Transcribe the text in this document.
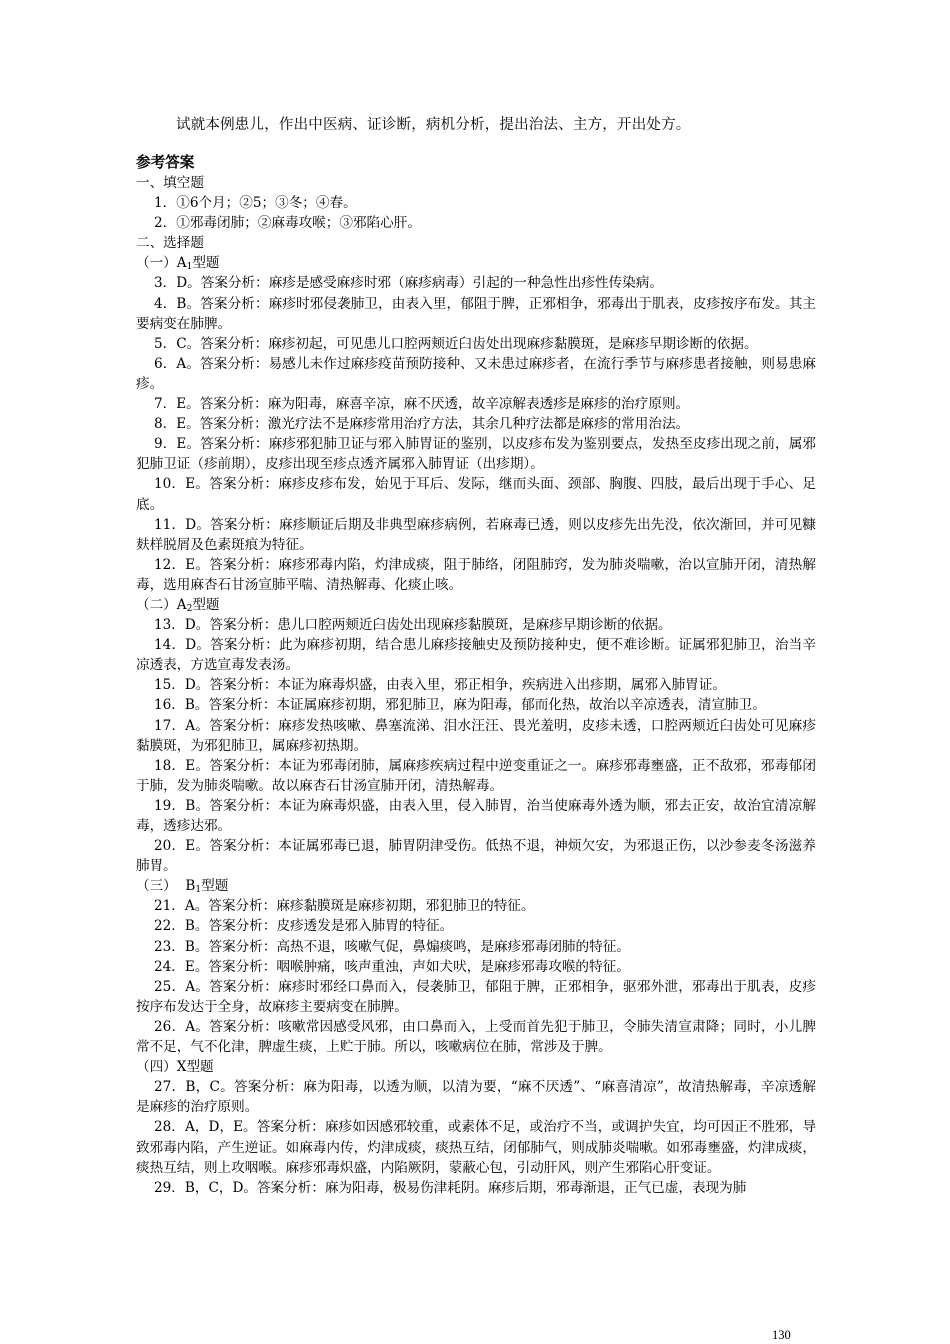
试就本例患儿，作出中医病、证诊断，病机分析，提出治法、主方，开出处方。

参考答案

一、填空题

1．①6个月；②5；③冬；④春。

2．①邪毒闭肺；②麻毒攻喉；③邪陷心肝。

二、选择题

（一）$A_1$型题

3．D。答案分析：麻疹是感受麻疹时邪（麻疹病毒）引起的一种急性出疹性传染病。

4．B。答案分析：麻疹时邪侵袭肺卫，由表入里，郁阻于脾，正邪相争，邪毒出于肌表，皮疹按序布发。其主要病变在肺脾。

5．C。答案分析：麻疹初起，可见患儿口腔两颊近臼齿处出现麻疹黏膜斑，是麻疹早期诊断的依据。

6．A。答案分析：易感儿未作过麻疹疫苗预防接种、又未患过麻疹者，在流行季节与麻疹患者接触，则易患麻疹。

7．E。答案分析：麻为阳毒，麻喜辛凉，麻不厌透，故辛凉解表透疹是麻疹的治疗原则。

8．E。答案分析：激光疗法不是麻疹常用治疗方法，其余几种疗法都是麻疹的常用治法。

9．E。答案分析：麻疹邪犯肺卫证与邪入肺胃证的鉴别，以皮疹布发为鉴别要点，发热至皮疹出现之前，属邪犯肺卫证（疹前期），皮疹出现至疹点透齐属邪入肺胃证（出疹期）。

10．E。答案分析：麻疹皮疹布发，始见于耳后、发际，继而头面、颈部、胸腹、四肢，最后出现于手心、足底。

11．D。答案分析：麻疹顺证后期及非典型麻疹病例，若麻毒已透，则以皮疹先出先没，依次渐回，并可见糠麸样脱屑及色素斑痕为特征。

12．E。答案分析：麻疹邪毒内陷，灼津成痰，阻于肺络，闭阻肺窍，发为肺炎喘嗽，治以宣肺开闭，清热解毒，选用麻杏石甘汤宣肺平喘、清热解毒、化痰止咳。

（二）$A_2$型题

13．D。答案分析：患儿口腔两颊近臼齿处出现麻疹黏膜斑，是麻疹早期诊断的依据。

14．D。答案分析：此为麻疹初期，结合患儿麻疹接触史及预防接种史，便不难诊断。证属邪犯肺卫，治当辛凉透表，方选宣毒发表汤。

15．D。答案分析：本证为麻毒炽盛，由表入里，邪正相争，疾病进入出疹期，属邪入肺胃证。

16．B。答案分析：本证属麻疹初期，邪犯肺卫，麻为阳毒，郁而化热，故治以辛凉透表，清宣肺卫。

17．A。答案分析：麻疹发热咳嗽、鼻塞流涕、泪水汪汪、畏光羞明，皮疹未透，口腔两颊近臼齿处可见麻疹黏膜斑，为邪犯肺卫，属麻疹初热期。

18．E。答案分析：本证为邪毒闭肺，属麻疹疾病过程中逆变重证之一。麻疹邪毒壅盛，正不敌邪，邪毒郁闭于肺，发为肺炎喘嗽。故以麻杏石甘汤宣肺开闭，清热解毒。

19．B。答案分析：本证为麻毒炽盛，由表入里，侵入肺胃，治当使麻毒外透为顺，邪去正安，故治宜清凉解毒，透疹达邪。

20．E。答案分析：本证属邪毒已退，肺胃阴津受伤。低热不退，神烦欠安，为邪退正伤，以沙参麦冬汤滋养肺胃。

（三）  $B_1$型题

21．A。答案分析：麻疹黏膜斑是麻疹初期，邪犯肺卫的特征。

22．B。答案分析：皮疹透发是邪入肺胃的特征。

23．B。答案分析：高热不退，咳嗽气促，鼻煽痰鸣，是麻疹邪毒闭肺的特征。

24．E。答案分析：咽喉肿痛，咳声重浊，声如犬吠，是麻疹邪毒攻喉的特征。

25．A。答案分析：麻疹时邪经口鼻而入，侵袭肺卫，郁阻于脾，正邪相争，驱邪外泄，邪毒出于肌表，皮疹按序布发达于全身，故麻疹主要病变在肺脾。

26．A。答案分析：咳嗽常因感受风邪，由口鼻而入，上受而首先犯于肺卫，令肺失清宣肃降；同时，小儿脾常不足，气不化津，脾虚生痰，上贮于肺。所以，咳嗽病位在肺，常涉及于脾。

（四）X型题

27．B，C。答案分析：麻为阳毒，以透为顺，以清为要，“麻不厌透”、“麻喜清凉”，故清热解毒，辛凉透解是麻疹的治疗原则。

28．A，D，E。答案分析：麻疹如因感邪较重，或素体不足，或治疗不当，或调护失宜，均可因正不胜邪，导致邪毒内陷，产生逆证。如麻毒内传，灼津成痰，痰热互结，闭郁肺气，则成肺炎喘嗽。如邪毒壅盛，灼津成痰，痰热互结，则上攻咽喉。麻疹邪毒炽盛，内陷厥阴，蒙蔽心包，引动肝风，则产生邪陷心肝变证。

29．B，C，D。答案分析：麻为阳毒，极易伤津耗阴。麻疹后期，邪毒渐退，正气已虚，表现为肺

130
